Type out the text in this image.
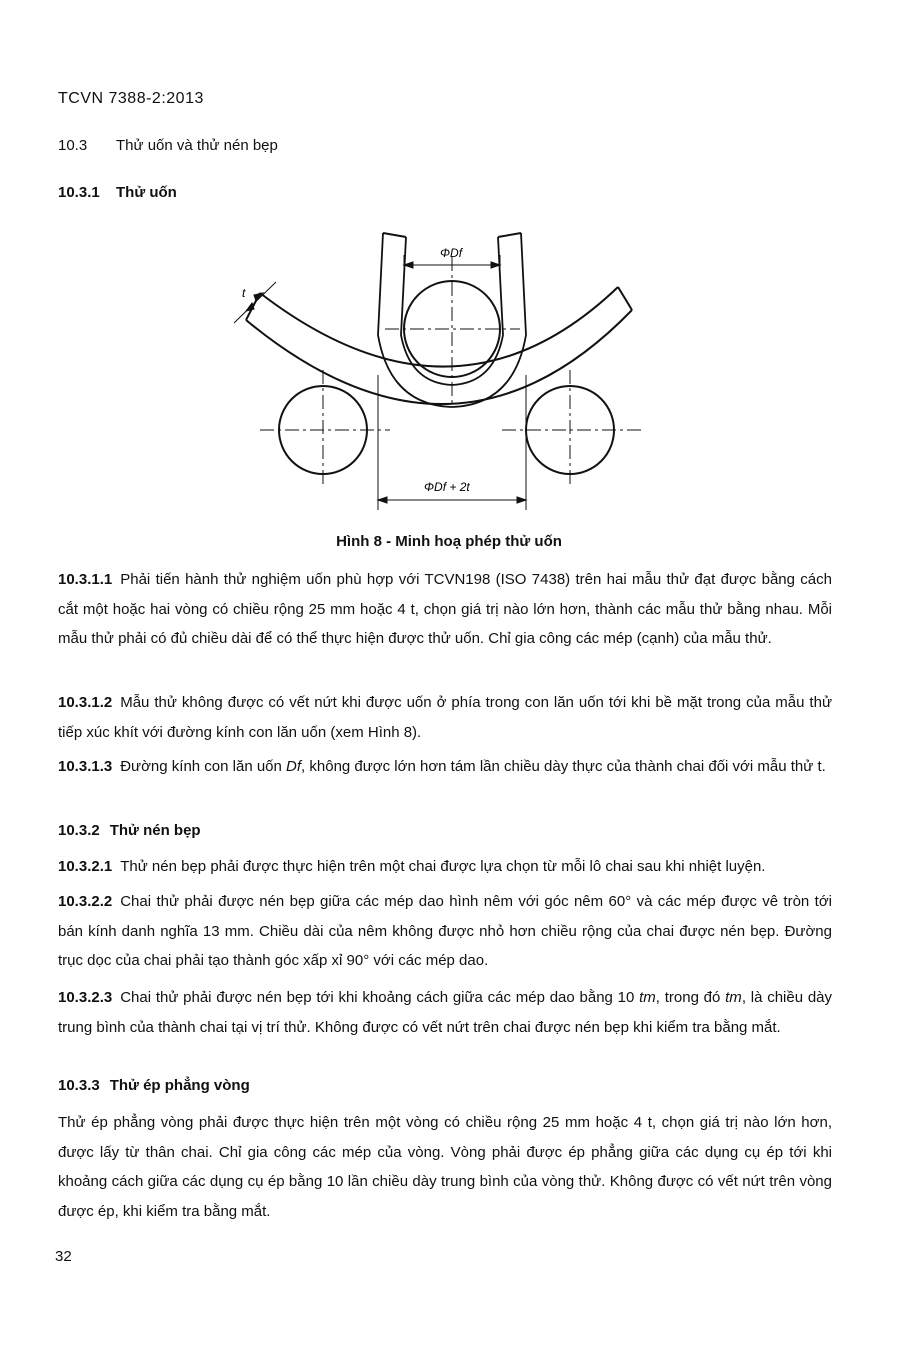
TCVN 7388-2:2013
10.3 Thử uốn và thử nén bẹp
10.3.1 Thử uốn
ΦDf
ΦDf + 2t
t
Hình 8 - Minh hoạ phép thử uốn

10.3.1.1 Phải tiến hành thử nghiệm uốn phù hợp với TCVN198 (ISO 7438) trên hai mẫu thử đạt được bằng cách cắt một hoặc hai vòng có chiều rộng 25 mm hoặc 4 t, chọn giá trị nào lớn hơn, thành các mẫu thử bằng nhau. Mỗi mẫu thử phải có đủ chiều dài để có thể thực hiện được thử uốn. Chỉ gia công các mép (cạnh) của mẫu thử.

10.3.1.2 Mẫu thử không được có vết nứt khi được uốn ở phía trong con lăn uốn tới khi bề mặt trong của mẫu thử tiếp xúc khít với đường kính con lăn uốn (xem Hình 8).

10.3.1.3 Đường kính con lăn uốn Df, không được lớn hơn tám lần chiều dày thực của thành chai đối với mẫu thử t.

10.3.2 Thử nén bẹp

10.3.2.1 Thử nén bẹp phải được thực hiện trên một chai được lựa chọn từ mỗi lô chai sau khi nhiệt luyện.

10.3.2.2 Chai thử phải được nén bẹp giữa các mép dao hình nêm với góc nêm 60° và các mép được vê tròn tới bán kính danh nghĩa 13 mm. Chiều dài của nêm không được nhỏ hơn chiều rộng của chai được nén bẹp. Đường trục dọc của chai phải tạo thành góc xấp xỉ 90° với các mép dao.

10.3.2.3 Chai thử phải được nén bẹp tới khi khoảng cách giữa các mép dao bằng 10 tm, trong đó tm, là chiều dày trung bình của thành chai tại vị trí thử. Không được có vết nứt trên chai được nén bẹp khi kiểm tra bằng mắt.

10.3.3 Thử ép phẳng vòng

Thử ép phẳng vòng phải được thực hiện trên một vòng có chiều rộng 25 mm hoặc 4 t, chọn giá trị nào lớn hơn, được lấy từ thân chai. Chỉ gia công các mép của vòng. Vòng phải được ép phẳng giữa các dụng cụ ép tới khi khoảng cách giữa các dụng cụ ép bằng 10 lần chiều dày trung bình của vòng thử. Không được có vết nứt trên vòng được ép, khi kiểm tra bằng mắt.

32
